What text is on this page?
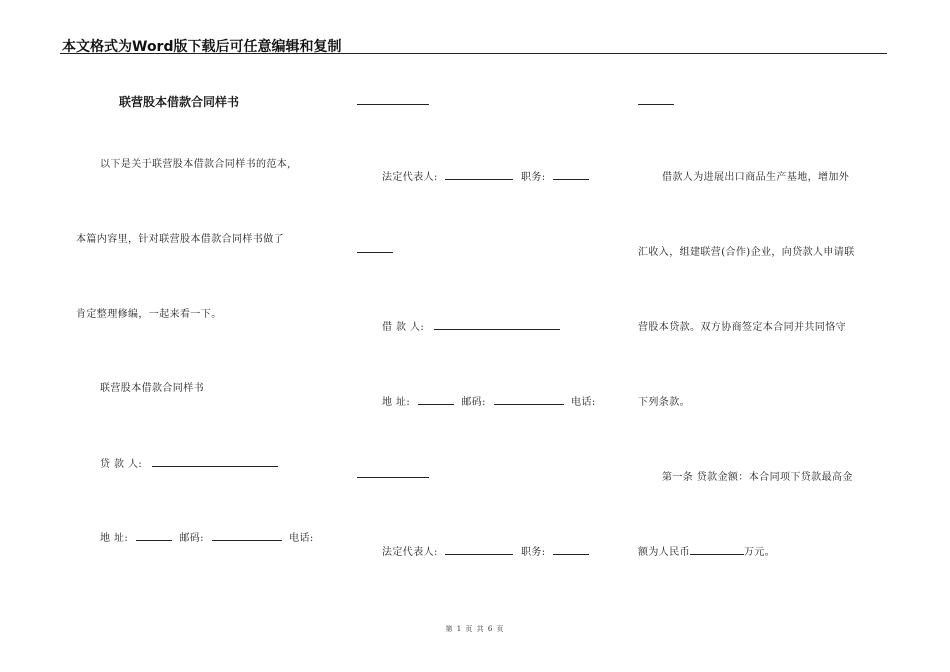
本文格式为Word版下载后可任意编辑和复制
联营股本借款合同样书
以下是关于联营股本借款合同样书的范本,
本篇内容里，针对联营股本借款合同样书做了
肯定整理修编，一起来看一下。
联营股本借款合同样书
贷 款 人:
地 址:	邮码:	电话:
法定代表人:	职务:
借 款 人:
地 址:	邮码:	电话:
法定代表人:	职务:
借款人为进展出口商品生产基地，增加外
汇收入，组建联营(合作)企业，向贷款人申请联
营股本贷款。双方协商签定本合同并共同恪守
下列条款。
第一条 贷款金额：本合同项下贷款最高金
额为人民币	万元。
第 1 页 共 6 页
